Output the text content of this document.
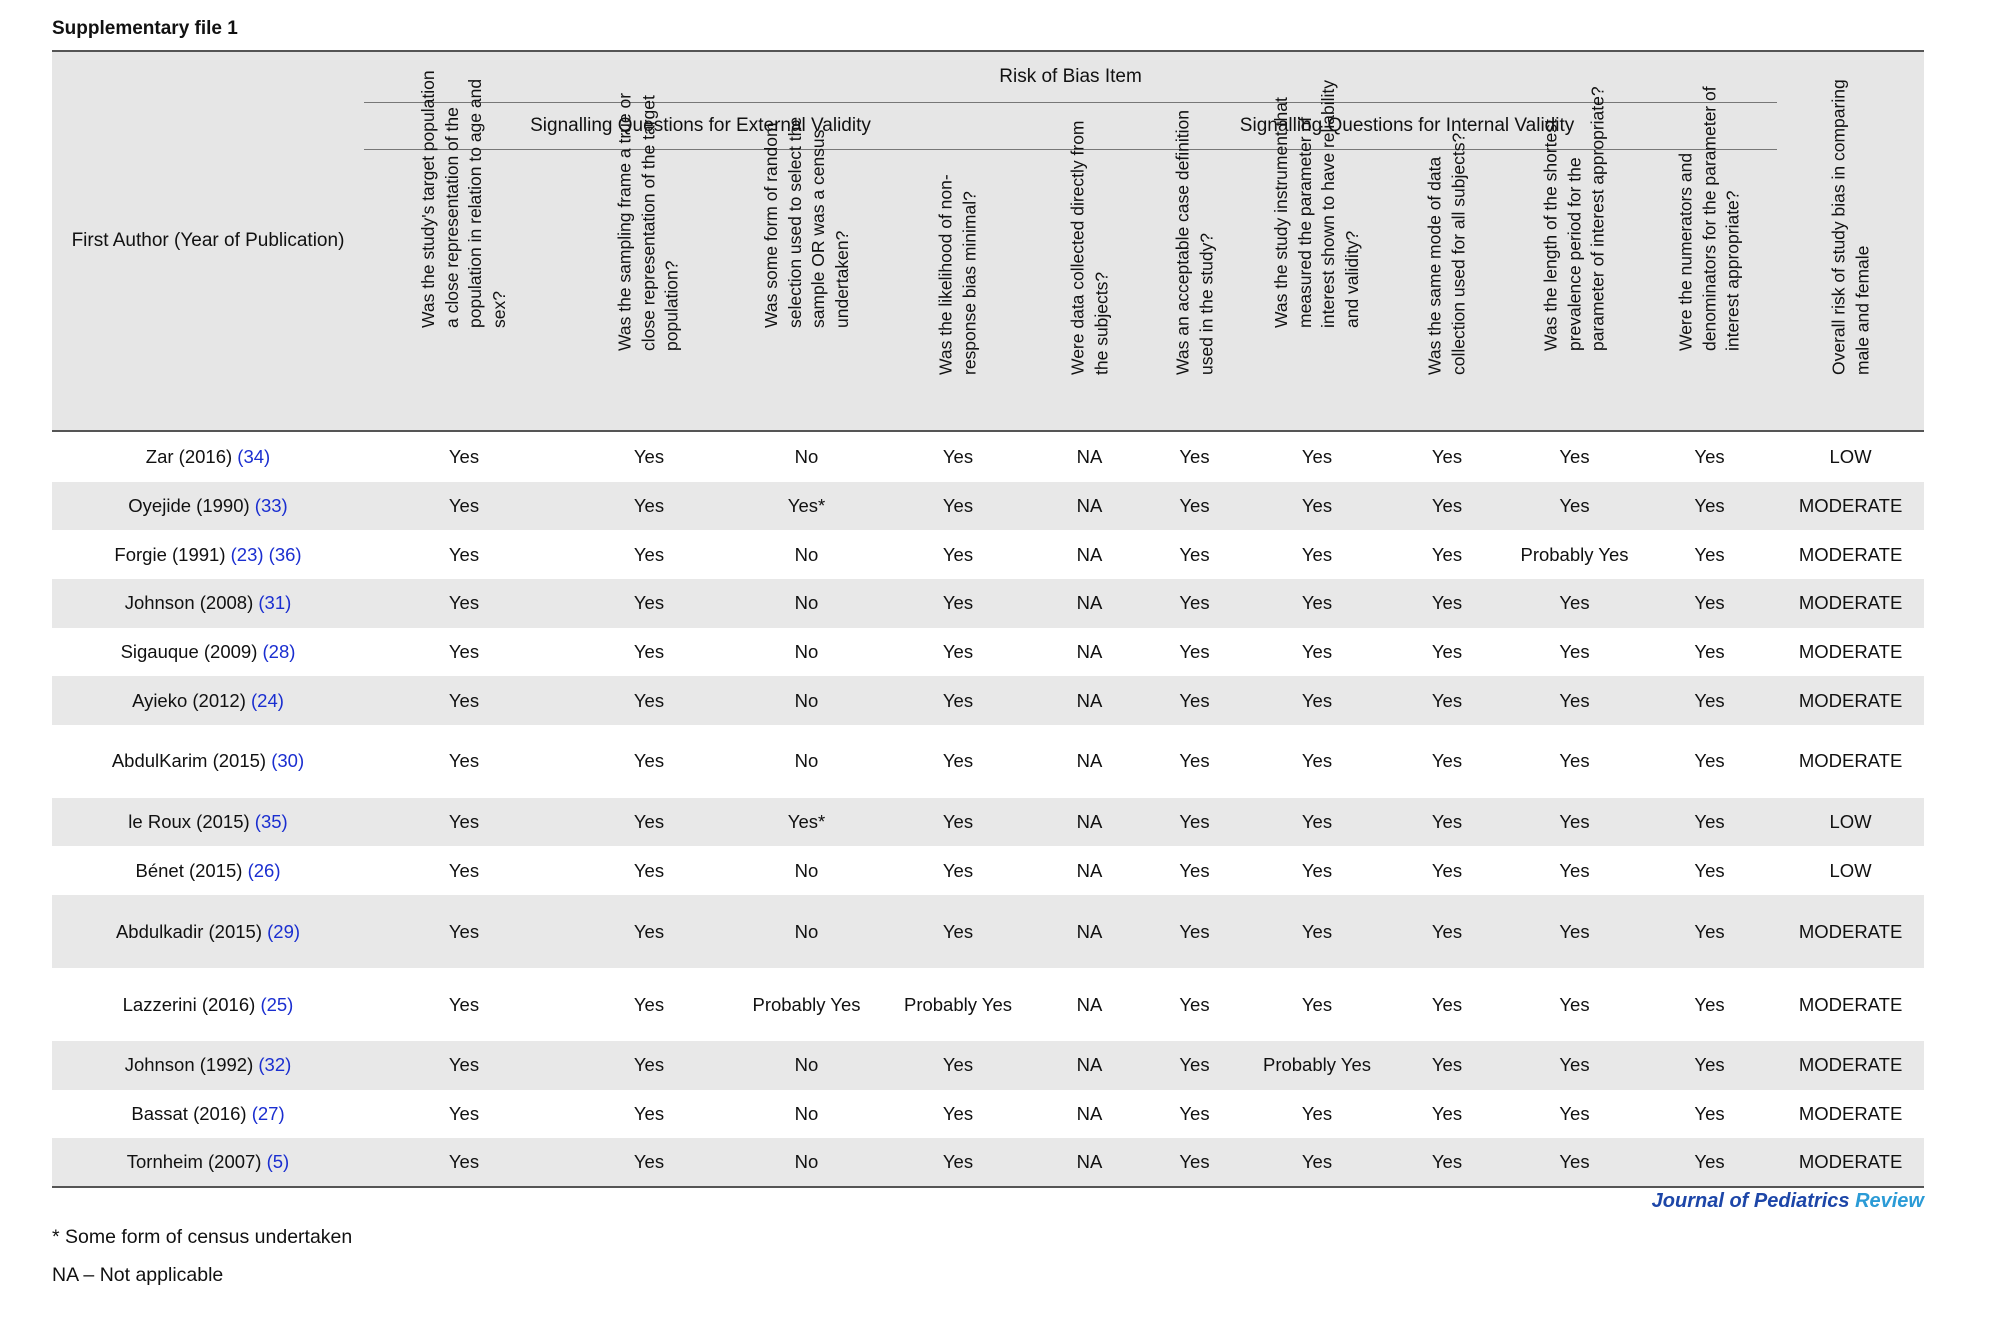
Supplementary file 1
First Author (Year of Publication)	Risk of Bias Item										Overall risk of study bias in comparing male and female

	Signalling Questions for External Validity				Signalling Questions for Internal Validity						

	Was the study's target population a close representation of the population in relation to age and sex?	Was the sampling frame a true or close representation of the target population?	Was some form of random selection used to select the sample OR was a census undertaken?	Was the likelihood of non-response bias minimal?	Were data collected directly from the subjects?	Was an acceptable case definition used in the study?	Was the study instrument that measured the parameter of interest shown to have reliability and validity?	Was the same mode of data collection used for all subjects?	Was the length of the shortest prevalence period for the parameter of interest appropriate?	Were the numerators and denominators for the parameter of interest appropriate?	

Zar (2016) (34)	Yes	Yes	No	Yes	NA	Yes	Yes	Yes	Yes	Yes	LOW
Oyejide (1990) (33)	Yes	Yes	Yes*	Yes	NA	Yes	Yes	Yes	Yes	Yes	MODERATE
Forgie (1991) (23) (36)	Yes	Yes	No	Yes	NA	Yes	Yes	Yes	Probably Yes	Yes	MODERATE
Johnson (2008) (31)	Yes	Yes	No	Yes	NA	Yes	Yes	Yes	Yes	Yes	MODERATE
Sigauque (2009) (28)	Yes	Yes	No	Yes	NA	Yes	Yes	Yes	Yes	Yes	MODERATE
Ayieko (2012) (24)	Yes	Yes	No	Yes	NA	Yes	Yes	Yes	Yes	Yes	MODERATE
AbdulKarim (2015) (30)	Yes	Yes	No	Yes	NA	Yes	Yes	Yes	Yes	Yes	MODERATE
le Roux (2015) (35)	Yes	Yes	Yes*	Yes	NA	Yes	Yes	Yes	Yes	Yes	LOW
Bénet (2015) (26)	Yes	Yes	No	Yes	NA	Yes	Yes	Yes	Yes	Yes	LOW
Abdulkadir (2015) (29)	Yes	Yes	No	Yes	NA	Yes	Yes	Yes	Yes	Yes	MODERATE
Lazzerini (2016) (25)	Yes	Yes	Probably Yes	Probably Yes	NA	Yes	Yes	Yes	Yes	Yes	MODERATE
Johnson (1992) (32)	Yes	Yes	No	Yes	NA	Yes	Probably Yes	Yes	Yes	Yes	MODERATE
Bassat (2016) (27)	Yes	Yes	No	Yes	NA	Yes	Yes	Yes	Yes	Yes	MODERATE
Tornheim (2007) (5)	Yes	Yes	No	Yes	NA	Yes	Yes	Yes	Yes	Yes	MODERATE
Journal of Pediatrics Review
* Some form of census undertaken
NA – Not applicable
